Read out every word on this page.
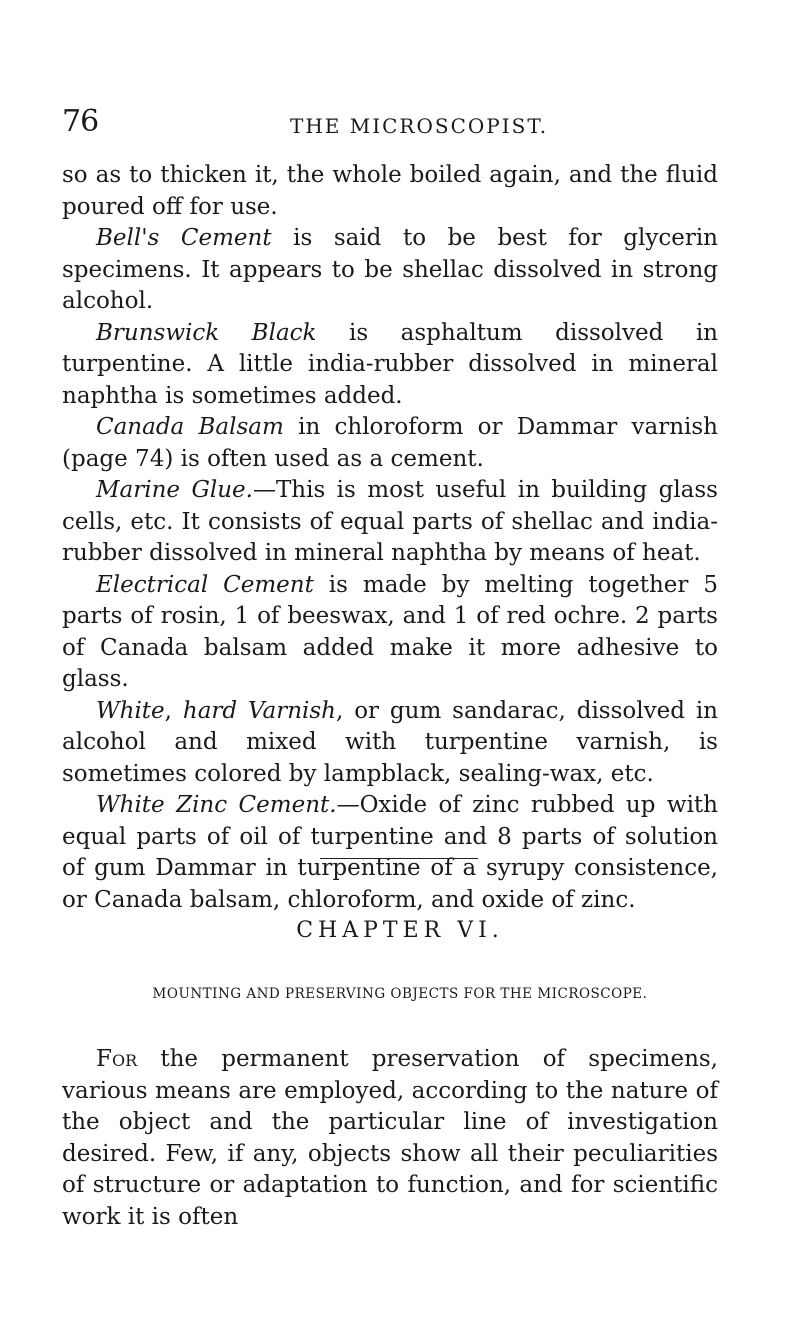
76	THE MICROSCOPIST.

so as to thicken it, the whole boiled again, and the fluid poured off for use.

Bell's Cement is said to be best for glycerin specimens. It appears to be shellac dissolved in strong alcohol.

Brunswick Black is asphaltum dissolved in turpentine. A little india-rubber dissolved in mineral naphtha is sometimes added.

Canada Balsam in chloroform or Dammar varnish (page 74) is often used as a cement.

Marine Glue.—This is most useful in building glass cells, etc. It consists of equal parts of shellac and india-rubber dissolved in mineral naphtha by means of heat.

Electrical Cement is made by melting together 5 parts of rosin, 1 of beeswax, and 1 of red ochre. 2 parts of Canada balsam added make it more adhesive to glass.

White, hard Varnish, or gum sandarac, dissolved in alcohol and mixed with turpentine varnish, is sometimes colored by lampblack, sealing-wax, etc.

White Zinc Cement.—Oxide of zinc rubbed up with equal parts of oil of turpentine and 8 parts of solution of gum Dammar in turpentine of a syrupy consistence, or Canada balsam, chloroform, and oxide of zinc.

CHAPTER VI.
MOUNTING AND PRESERVING OBJECTS FOR THE MICROSCOPE.

For the permanent preservation of specimens, various means are employed, according to the nature of the object and the particular line of investigation desired. Few, if any, objects show all their peculiarities of structure or adaptation to function, and for scientific work it is often
